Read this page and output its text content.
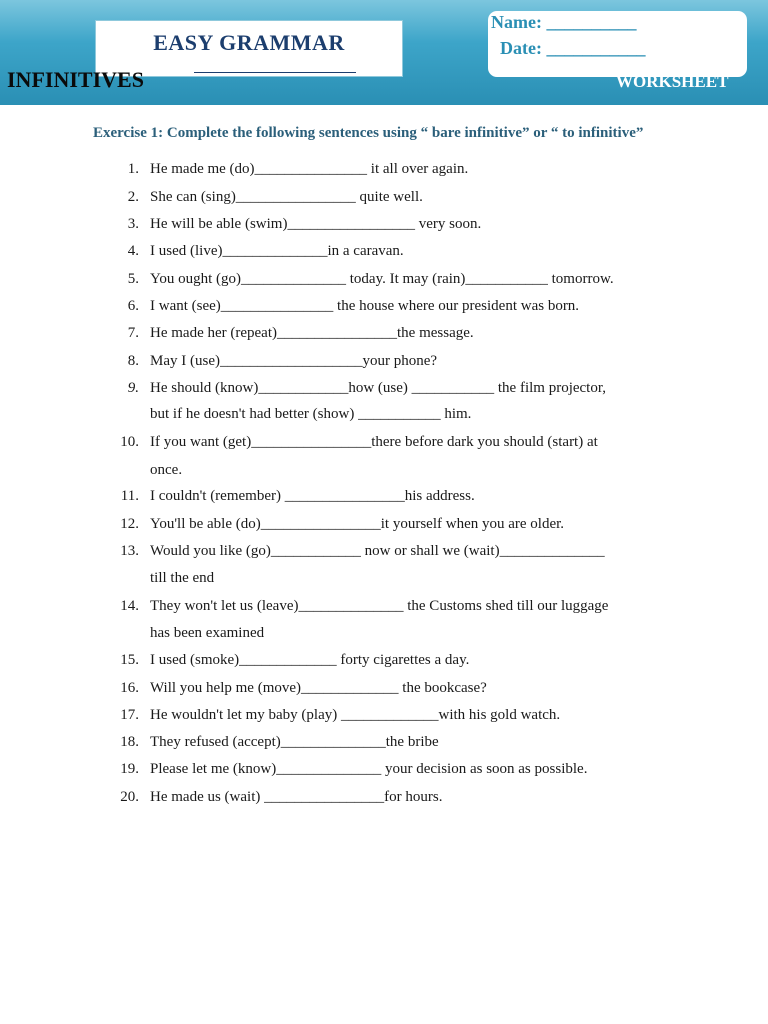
EASY GRAMMAR
Name: __________
Date: ___________
INFINITIVES	WORKSHEET
Exercise 1: Complete the following sentences using “ bare infinitive” or “ to infinitive”
1. He made me (do)_______________ it all over again.
2. She can (sing)________________ quite well.
3. He will be able (swim)_________________ very soon.
4. I used (live)______________in a caravan.
5. You ought (go)______________ today. It may (rain)___________ tomorrow.
6. I want (see)_______________ the house where our president was born.
7. He made her (repeat)________________the message.
8. May I (use)___________________your phone?
9. He should (know)____________how (use) ___________ the film projector,
but if he doesn't had better (show) ___________ him.
10. If you want (get)________________there before dark you should (start) at
once.
11. I couldn't (remember) ________________his address.
12. You'll be able (do)________________it yourself when you are older.
13. Would you like (go)____________ now or shall we (wait)______________
till the end
14. They won't let us (leave)______________ the Customs shed till our luggage
has been examined
15. I used (smoke)_____________ forty cigarettes a day.
16. Will you help me (move)_____________ the bookcase?
17. He wouldn't let my baby (play) _____________with his gold watch.
18. They refused (accept)______________the bribe
19. Please let me (know)______________ your decision as soon as possible.
20. He made us (wait) ________________for hours.
